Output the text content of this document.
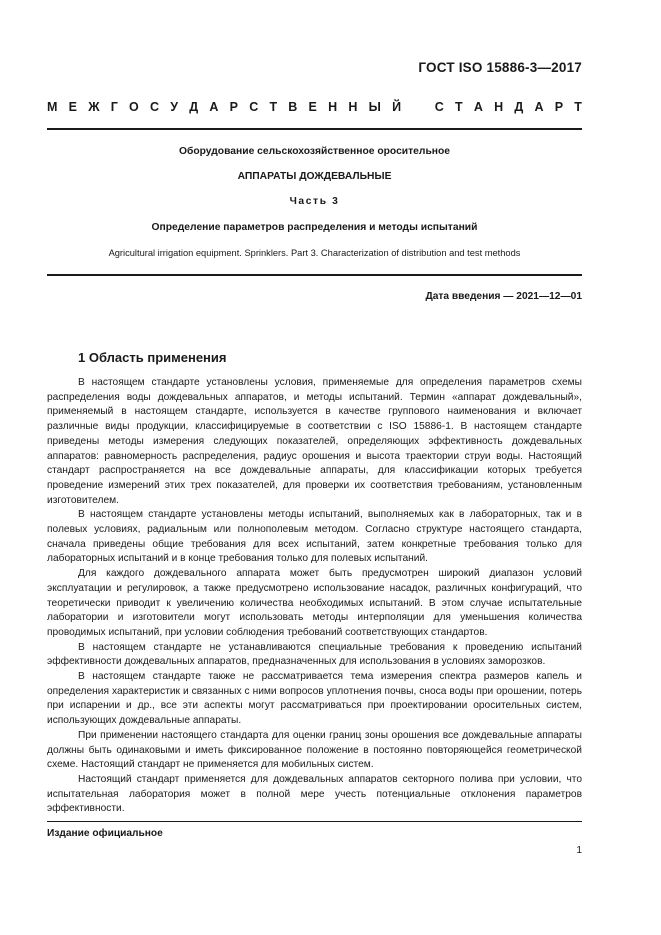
ГОСТ ISO 15886-3—2017
М Е Ж Г О С У Д А Р С Т В Е Н Н Ы Й	С Т А Н Д А Р Т
Оборудование сельскохозяйственное оросительное
АППАРАТЫ ДОЖДЕВАЛЬНЫЕ
Часть 3
Определение параметров распределения и методы испытаний
Agricultural irrigation equipment. Sprinklers. Part 3. Characterization of distribution and test methods
Дата введения — 2021—12—01
1 Область применения

В настоящем стандарте установлены условия, применяемые для определения параметров схемы распределения воды дождевальных аппаратов, и методы испытаний. Термин «аппарат дождевальный», применяемый в настоящем стандарте, используется в качестве группового наименования и включает различные виды продукции, классифицируемые в соответствии с ISO 15886-1. В настоящем стандарте приведены методы измерения следующих показателей, определяющих эффективность дождевальных аппаратов: равномерность распределения, радиус орошения и высота траектории струи воды. Настоящий стандарт распространяется на все дождевальные аппараты, для классификации которых требуется проведение измерений этих трех показателей, для проверки их соответствия требованиям, установленным изготовителем.

В настоящем стандарте установлены методы испытаний, выполняемых как в лабораторных, так и в полевых условиях, радиальным или полнополевым методом. Согласно структуре настоящего стандарта, сначала приведены общие требования для всех испытаний, затем конкретные требования только для лабораторных испытаний и в конце требования только для полевых испытаний.

Для каждого дождевального аппарата может быть предусмотрен широкий диапазон условий эксплуатации и регулировок, а также предусмотрено использование насадок, различных конфигураций, что теоретически приводит к увеличению количества необходимых испытаний. В этом случае испытательные лаборатории и изготовители могут использовать методы интерполяции для уменьшения количества проводимых испытаний, при условии соблюдения требований соответствующих стандартов.

В настоящем стандарте не устанавливаются специальные требования к проведению испытаний эффективности дождевальных аппаратов, предназначенных для использования в условиях заморозков.

В настоящем стандарте также не рассматривается тема измерения спектра размеров капель и определения характеристик и связанных с ними вопросов уплотнения почвы, сноса воды при орошении, потерь при испарении и др., все эти аспекты могут рассматриваться при проектировании оросительных систем, использующих дождевальные аппараты.

При применении настоящего стандарта для оценки границ зоны орошения все дождевальные аппараты должны быть одинаковыми и иметь фиксированное положение в постоянно повторяющейся геометрической схеме. Настоящий стандарт не применяется для мобильных систем.

Настоящий стандарт применяется для дождевальных аппаратов секторного полива при условии, что испытательная лаборатория может в полной мере учесть потенциальные отклонения параметров эффективности.

Издание официальное
1
